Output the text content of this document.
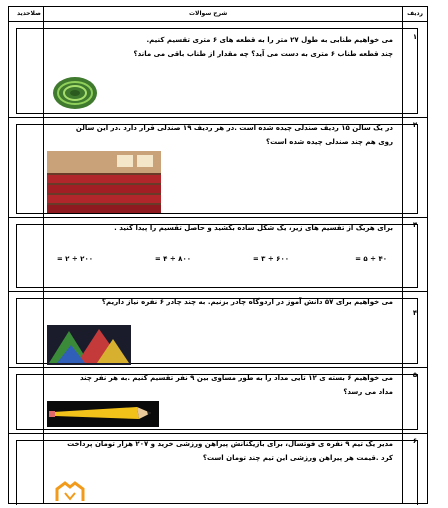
ردیف
شرح سوالات
صلاحدید
۱
می خواهیم طنابی به طول ۲۷ متر را به قطعه های ۶ متری تقسیم کنیم.
چند قطعه طناب ۶ متری به دست می آید؟ چه مقدار از طناب باقی می ماند؟
۲
در یک سالن ۱۵ ردیف صندلی چیده شده است .در هر ردیف ۱۹ صندلی قرار دارد .در این سالن
روی هم چند صندلی چیده شده است؟
۳
برای هریک از تقسیم های زیر، یک شکل ساده بکشید و حاصل تقسیم را پیدا کنید .
۴۰ ÷ ۵ =
۶۰۰ ÷ ۳ =
۸۰۰ ÷ ۴ =
۲۰۰ ÷ ۲ =
۴
می خواهیم برای ۵۷ دانش آموز در اردوگاه چادر بزنیم. به چند چادر ۶ نفره نیاز داریم؟
۵
می خواهیم ۶ بسته ی ۱۲ تایی مداد را به طور مساوی بین ۹ نفر تقسیم کنیم .به هر نفر چند
مداد می رسد؟
۶
مدیر یک تیم ۹ نفره ی فوتسال، برای بازیکنانش پیراهن ورزشی خرید و ۲۰۷ هزار تومان پرداخت
کرد .قیمت هر پیراهن ورزشی این تیم چند تومان است؟
